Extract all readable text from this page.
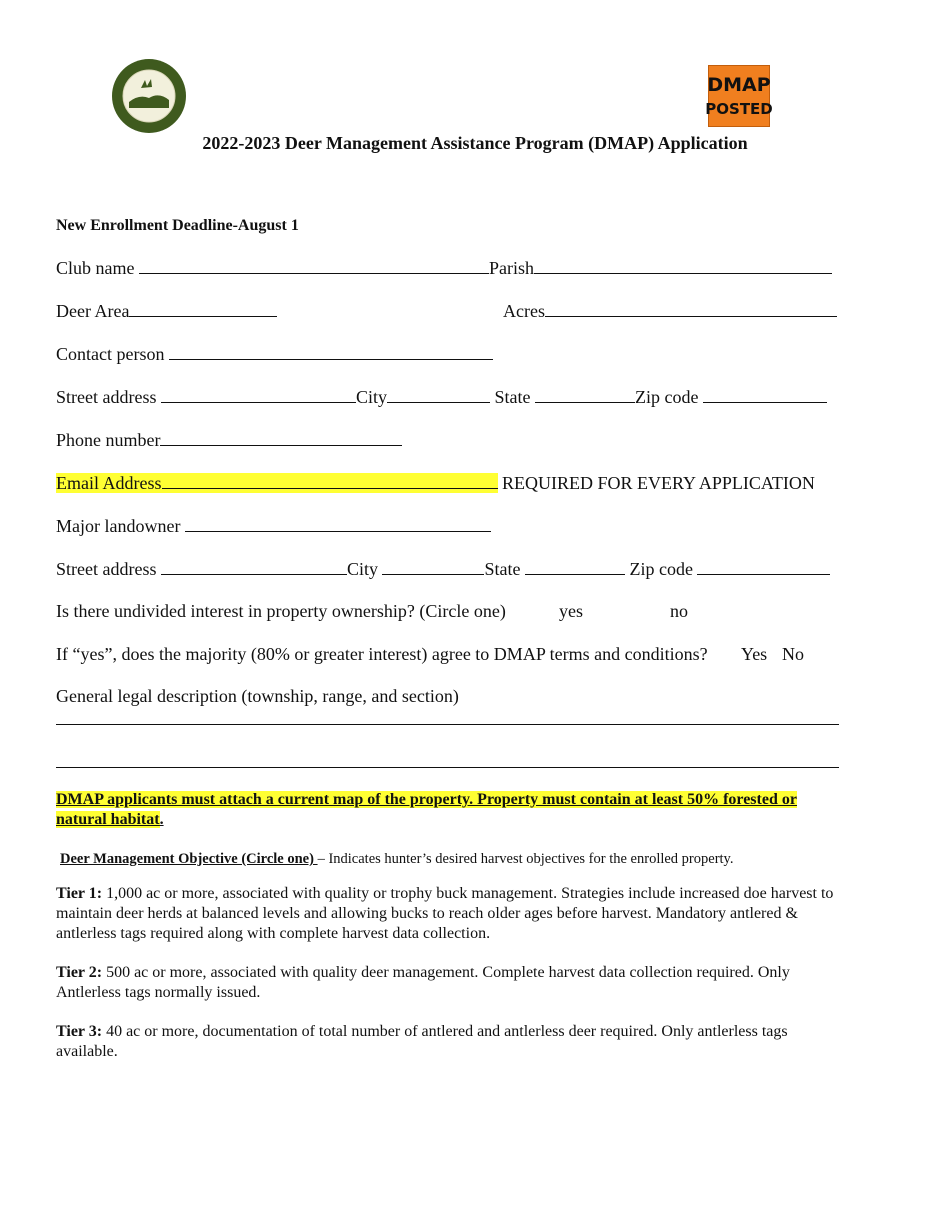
DMAP
POSTED
2022-2023 Deer Management Assistance Program (DMAP) Application
New Enrollment Deadline-August 1
Club name	Parish
Deer Area	Acres
Contact person
Street address	City	State	Zip code
Phone number
Email Address	REQUIRED FOR EVERY APPLICATION
Major landowner
Street address	City	State	Zip code
Is there undivided interest in property ownership? (Circle one)	yes	no
If “yes”, does the majority (80% or greater interest) agree to DMAP terms and conditions? Yes No
General legal description (township, range, and section)
DMAP applicants must attach a current map of the property. Property must contain at least 50% forested or natural habitat.
Deer Management Objective (Circle one) – Indicates hunter’s desired harvest objectives for the enrolled property.
Tier 1: 1,000 ac or more, associated with quality or trophy buck management. Strategies include increased doe harvest to maintain deer herds at balanced levels and allowing bucks to reach older ages before harvest. Mandatory antlered & antlerless tags required along with complete harvest data collection.
Tier 2: 500 ac or more, associated with quality deer management. Complete harvest data collection required. Only Antlerless tags normally issued.
Tier 3: 40 ac or more, documentation of total number of antlered and antlerless deer required. Only antlerless tags available.
